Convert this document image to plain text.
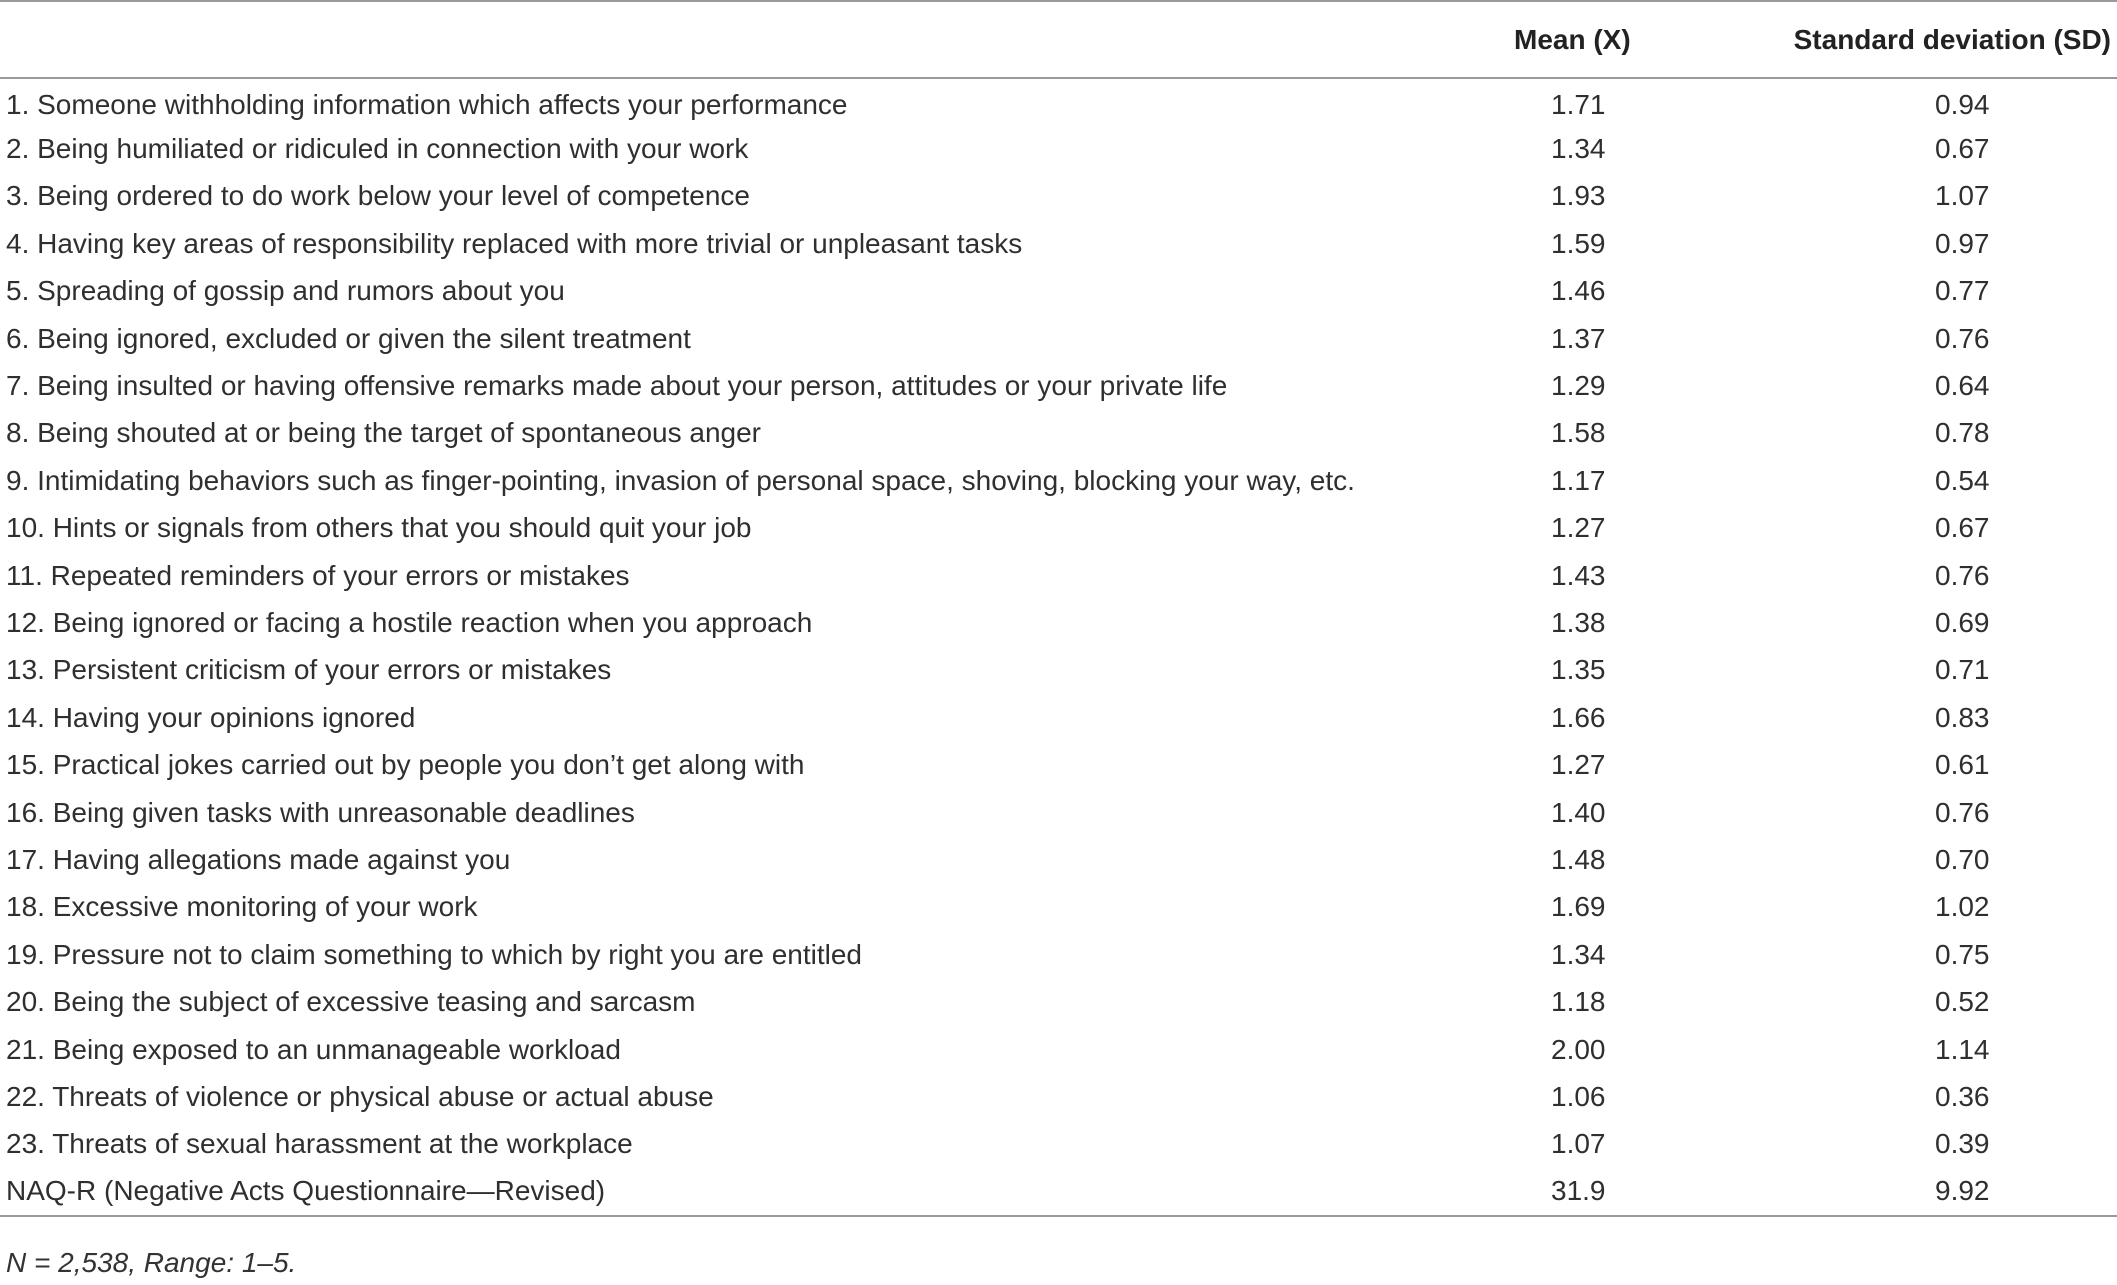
	Mean (X)	Standard deviation (SD)
1. Someone withholding information which affects your performance	1.71	0.94
2. Being humiliated or ridiculed in connection with your work	1.34	0.67
3. Being ordered to do work below your level of competence	1.93	1.07
4. Having key areas of responsibility replaced with more trivial or unpleasant tasks	1.59	0.97
5. Spreading of gossip and rumors about you	1.46	0.77
6. Being ignored, excluded or given the silent treatment	1.37	0.76
7. Being insulted or having offensive remarks made about your person, attitudes or your private life	1.29	0.64
8. Being shouted at or being the target of spontaneous anger	1.58	0.78
9. Intimidating behaviors such as finger-pointing, invasion of personal space, shoving, blocking your way, etc.	1.17	0.54
10. Hints or signals from others that you should quit your job	1.27	0.67
11. Repeated reminders of your errors or mistakes	1.43	0.76
12. Being ignored or facing a hostile reaction when you approach	1.38	0.69
13. Persistent criticism of your errors or mistakes	1.35	0.71
14. Having your opinions ignored	1.66	0.83
15. Practical jokes carried out by people you don’t get along with	1.27	0.61
16. Being given tasks with unreasonable deadlines	1.40	0.76
17. Having allegations made against you	1.48	0.70
18. Excessive monitoring of your work	1.69	1.02
19. Pressure not to claim something to which by right you are entitled	1.34	0.75
20. Being the subject of excessive teasing and sarcasm	1.18	0.52
21. Being exposed to an unmanageable workload	2.00	1.14
22. Threats of violence or physical abuse or actual abuse	1.06	0.36
23. Threats of sexual harassment at the workplace	1.07	0.39
NAQ-R (Negative Acts Questionnaire—Revised)	31.9	9.92
N = 2,538, Range: 1–5.
